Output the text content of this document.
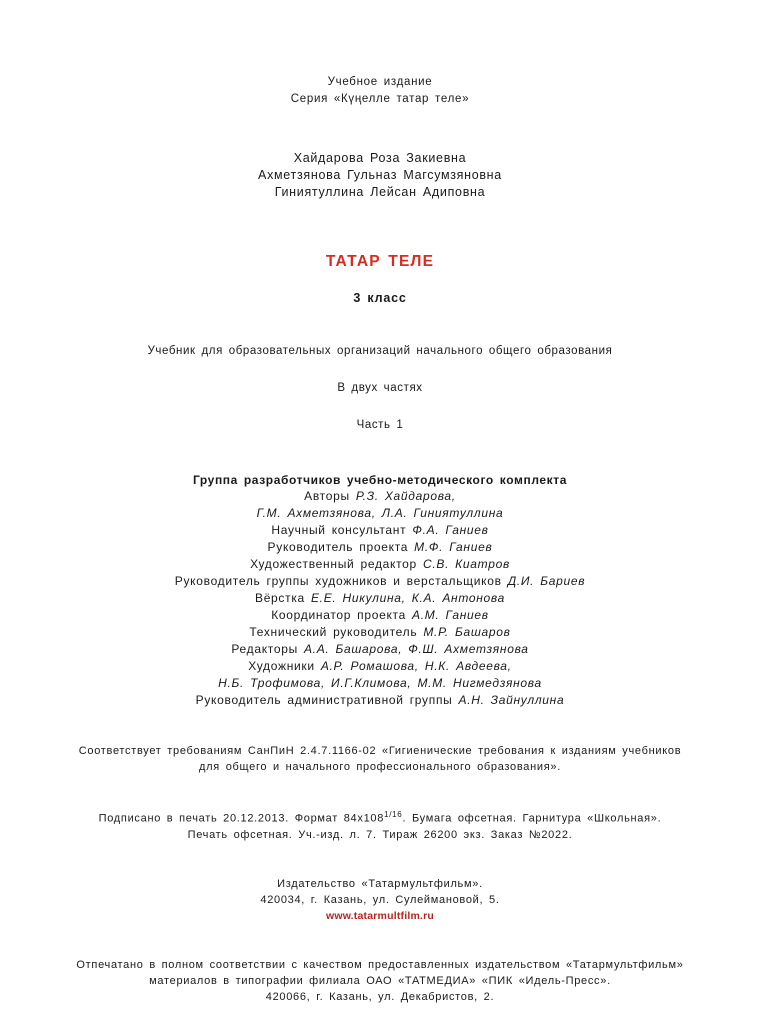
Учебное издание
Серия «Күңелле татар теле»
Хайдарова Роза Закиевна
Ахметзянова Гульназ Магсумзяновна
Гиниятуллина Лейсан Адиповна
ТАТАР ТЕЛЕ
3 класс
Учебник для образовательных организаций начального общего образования
В двух частях
Часть 1
Группа разработчиков учебно-методического комплекта
Авторы Р.З. Хайдарова,
Г.М. Ахметзянова, Л.А. Гиниятуллина
Научный консультант Ф.А. Ганиев
Руководитель проекта М.Ф. Ганиев
Художественный редактор С.В. Киатров
Руководитель группы художников и верстальщиков Д.И. Бариев
Вёрстка Е.Е. Никулина, К.А. Антонова
Координатор проекта А.М. Ганиев
Технический руководитель М.Р. Башаров
Редакторы А.А. Башарова, Ф.Ш. Ахметзянова
Художники А.Р. Ромашова, Н.К. Авдеева,
Н.Б. Трофимова, И.Г.Климова, М.М. Нигмедзянова
Руководитель административной группы А.Н. Зайнуллина
Соответствует требованиям СанПиН 2.4.7.1166-02 «Гигиенические требования к изданиям учебников
для общего и начального профессионального образования».
Подписано в печать 20.12.2013. Формат $84х108^{1/16}$. Бумага офсетная. Гарнитура «Школьная».
Печать офсетная. Уч.-изд. л. 7. Тираж 26200 экз. Заказ №2022.
Издательство «Татармультфильм».
420034, г. Казань, ул. Сулеймановой, 5.
www.tatarmultfilm.ru
Отпечатано в полном соответствии с качеством предоставленных издательством «Татармультфильм»
материалов в типографии филиала ОАО «ТАТМЕДИА» «ПИК «Идель-Пресс».
420066, г. Казань, ул. Декабристов, 2.
